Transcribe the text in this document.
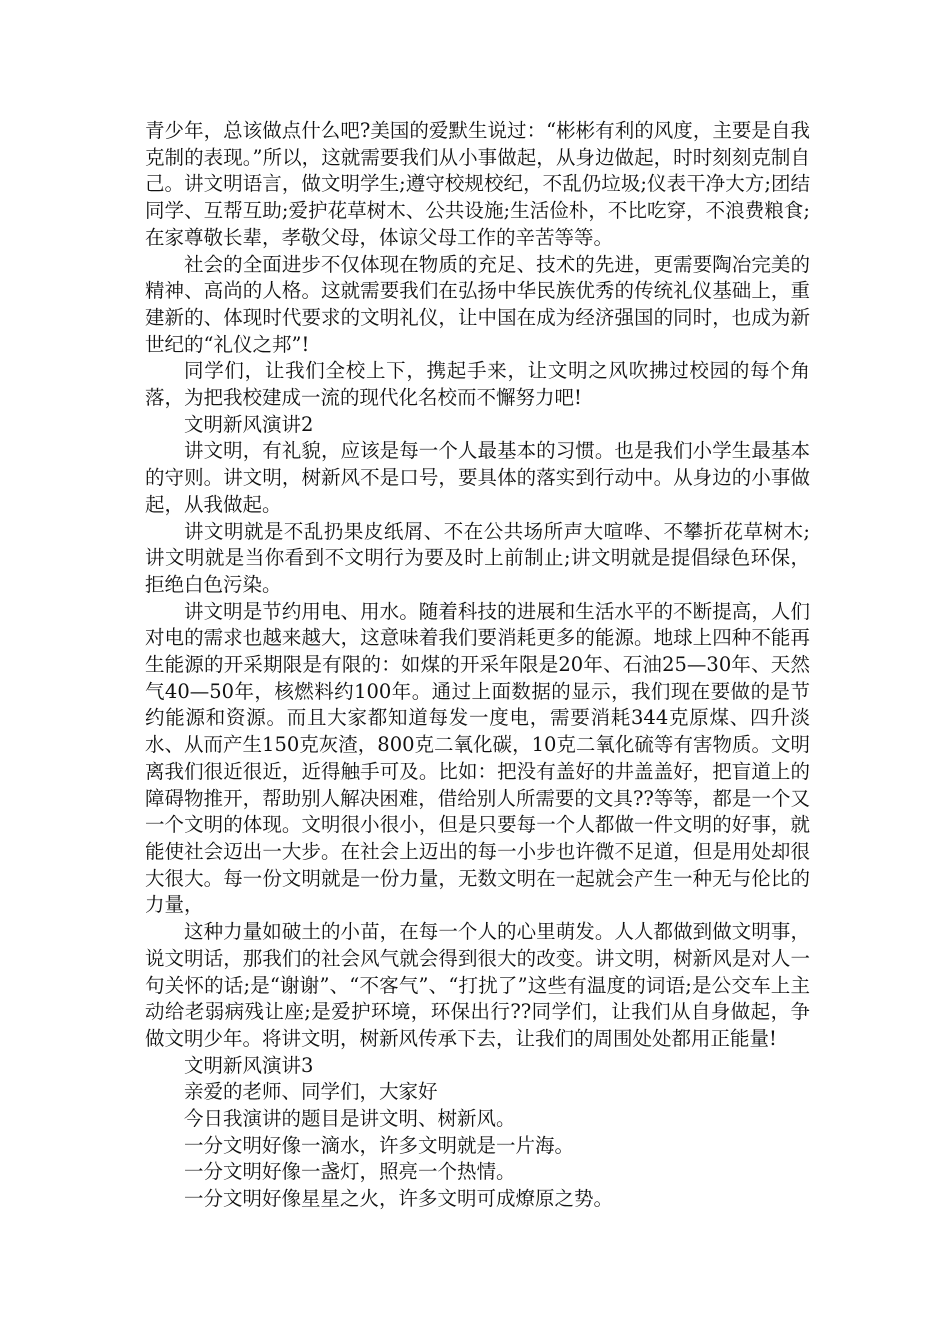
青少年，总该做点什么吧?美国的爱默生说过：“彬彬有利的风度，主要是自我克制的表现。”所以，这就需要我们从小事做起，从身边做起，时时刻刻克制自己。讲文明语言，做文明学生;遵守校规校纪，不乱仍垃圾;仪表干净大方;团结同学、互帮互助;爱护花草树木、公共设施;生活俭朴，不比吃穿，不浪费粮食;在家尊敬长辈，孝敬父母，体谅父母工作的辛苦等等。

社会的全面进步不仅体现在物质的充足、技术的先进，更需要陶冶完美的精神、高尚的人格。这就需要我们在弘扬中华民族优秀的传统礼仪基础上，重建新的、体现时代要求的文明礼仪，让中国在成为经济强国的同时，也成为新世纪的“礼仪之邦”!

同学们，让我们全校上下，携起手来，让文明之风吹拂过校园的每个角落，为把我校建成一流的现代化名校而不懈努力吧!

文明新风演讲2

讲文明，有礼貌，应该是每一个人最基本的习惯。也是我们小学生最基本的守则。讲文明，树新风不是口号，要具体的落实到行动中。从身边的小事做起，从我做起。

讲文明就是不乱扔果皮纸屑、不在公共场所声大喧哗、不攀折花草树木;讲文明就是当你看到不文明行为要及时上前制止;讲文明就是提倡绿色环保，拒绝白色污染。

讲文明是节约用电、用水。随着科技的进展和生活水平的不断提高，人们对电的需求也越来越大，这意味着我们要消耗更多的能源。地球上四种不能再生能源的开采期限是有限的：如煤的开采年限是20年、石油25—30年、天然气40—50年，核燃料约100年。通过上面数据的显示，我们现在要做的是节约能源和资源。而且大家都知道每发一度电，需要消耗344克原煤、四升淡水、从而产生150克灰渣，800克二氧化碳，10克二氧化硫等有害物质。文明离我们很近很近，近得触手可及。比如：把没有盖好的井盖盖好，把盲道上的障碍物推开，帮助别人解决困难，借给别人所需要的文具??等等，都是一个又一个文明的体现。文明很小很小，但是只要每一个人都做一件文明的好事，就能使社会迈出一大步。在社会上迈出的每一小步也许微不足道，但是用处却很大很大。每一份文明就是一份力量，无数文明在一起就会产生一种无与伦比的力量，

这种力量如破土的小苗，在每一个人的心里萌发。人人都做到做文明事，说文明话，那我们的社会风气就会得到很大的改变。讲文明，树新风是对人一句关怀的话;是“谢谢”、“不客气”、“打扰了”这些有温度的词语;是公交车上主动给老弱病残让座;是爱护环境，环保出行??同学们，让我们从自身做起，争做文明少年。将讲文明，树新风传承下去，让我们的周围处处都用正能量!

文明新风演讲3

亲爱的老师、同学们，大家好

今日我演讲的题目是讲文明、树新风。

一分文明好像一滴水，许多文明就是一片海。

一分文明好像一盏灯，照亮一个热情。

一分文明好像星星之火，许多文明可成燎原之势。
